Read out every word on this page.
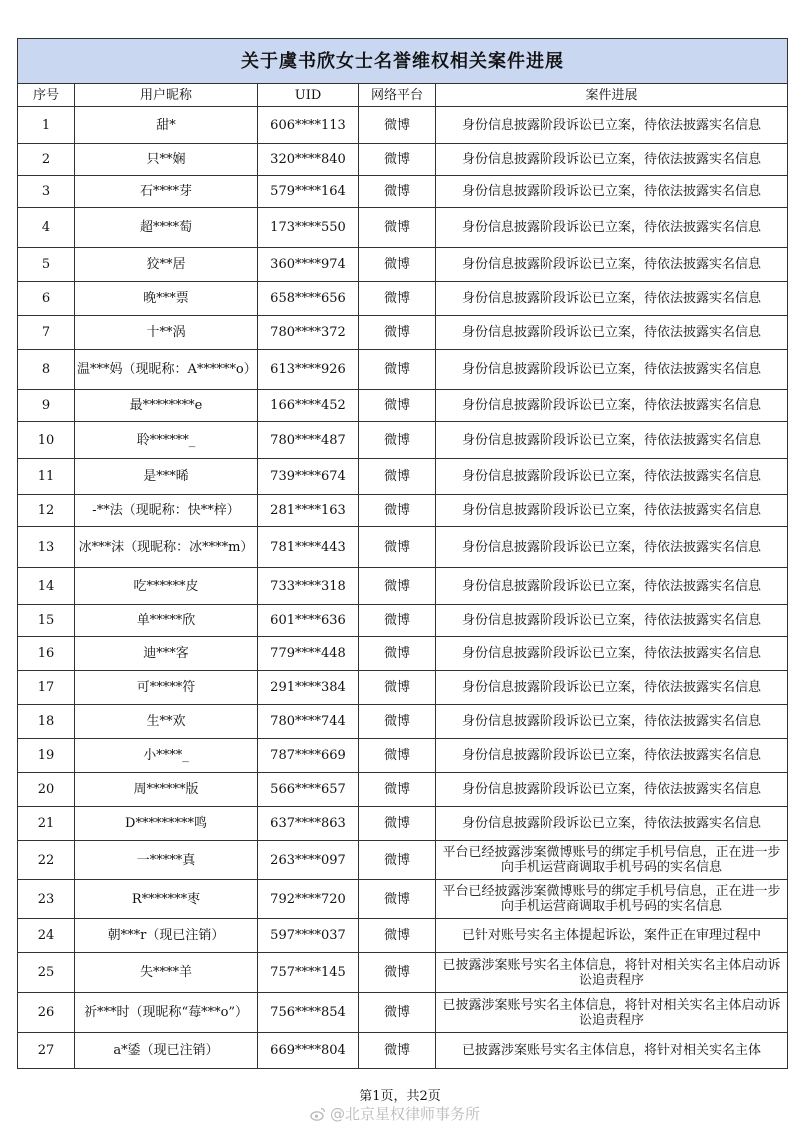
关于虞书欣女士名誉维权相关案件进展				
序号	用户昵称	UID	网络平台	案件进展
1	甜*	606****113	微博	身份信息披露阶段诉讼已立案，待依法披露实名信息
2	只**娴	320****840	微博	身份信息披露阶段诉讼已立案，待依法披露实名信息
3	石****芽	579****164	微博	身份信息披露阶段诉讼已立案，待依法披露实名信息
4	超****萄	173****550	微博	身份信息披露阶段诉讼已立案，待依法披露实名信息
5	狡**居	360****974	微博	身份信息披露阶段诉讼已立案，待依法披露实名信息
6	晚***票	658****656	微博	身份信息披露阶段诉讼已立案，待依法披露实名信息
7	十**涡	780****372	微博	身份信息披露阶段诉讼已立案，待依法披露实名信息
8	温***妈（现昵称：A******o）	613****926	微博	身份信息披露阶段诉讼已立案，待依法披露实名信息
9	最********e	166****452	微博	身份信息披露阶段诉讼已立案，待依法披露实名信息
10	聆******_	780****487	微博	身份信息披露阶段诉讼已立案，待依法披露实名信息
11	是***晞	739****674	微博	身份信息披露阶段诉讼已立案，待依法披露实名信息
12	-**法（现昵称：快**梓）	281****163	微博	身份信息披露阶段诉讼已立案，待依法披露实名信息
13	冰***沫（现昵称：冰****m）	781****443	微博	身份信息披露阶段诉讼已立案，待依法披露实名信息
14	吃******皮	733****318	微博	身份信息披露阶段诉讼已立案，待依法披露实名信息
15	单*****欣	601****636	微博	身份信息披露阶段诉讼已立案，待依法披露实名信息
16	迪***客	779****448	微博	身份信息披露阶段诉讼已立案，待依法披露实名信息
17	可*****符	291****384	微博	身份信息披露阶段诉讼已立案，待依法披露实名信息
18	生**欢	780****744	微博	身份信息披露阶段诉讼已立案，待依法披露实名信息
19	小****_	787****669	微博	身份信息披露阶段诉讼已立案，待依法披露实名信息
20	周******版	566****657	微博	身份信息披露阶段诉讼已立案，待依法披露实名信息
21	D*********鸣	637****863	微博	身份信息披露阶段诉讼已立案，待依法披露实名信息
22	一*****真	263****097	微博	平台已经披露涉案微博账号的绑定手机号信息，正在进一步向手机运营商调取手机号码的实名信息
23	R*******枣	792****720	微博	平台已经披露涉案微博账号的绑定手机号信息，正在进一步向手机运营商调取手机号码的实名信息
24	朝***r（现已注销）	597****037	微博	已针对账号实名主体提起诉讼，案件正在审理过程中
25	失****羊	757****145	微博	已披露涉案账号实名主体信息，将针对相关实名主体启动诉讼追责程序
26	祈***时（现昵称“莓***o”）	756****854	微博	已披露涉案账号实名主体信息，将针对相关实名主体启动诉讼追责程序
27	a*鋈（现已注销）	669****804	微博	已披露涉案账号实名主体信息，将针对相关实名主体
第1页，共2页
@北京星权律师事务所
